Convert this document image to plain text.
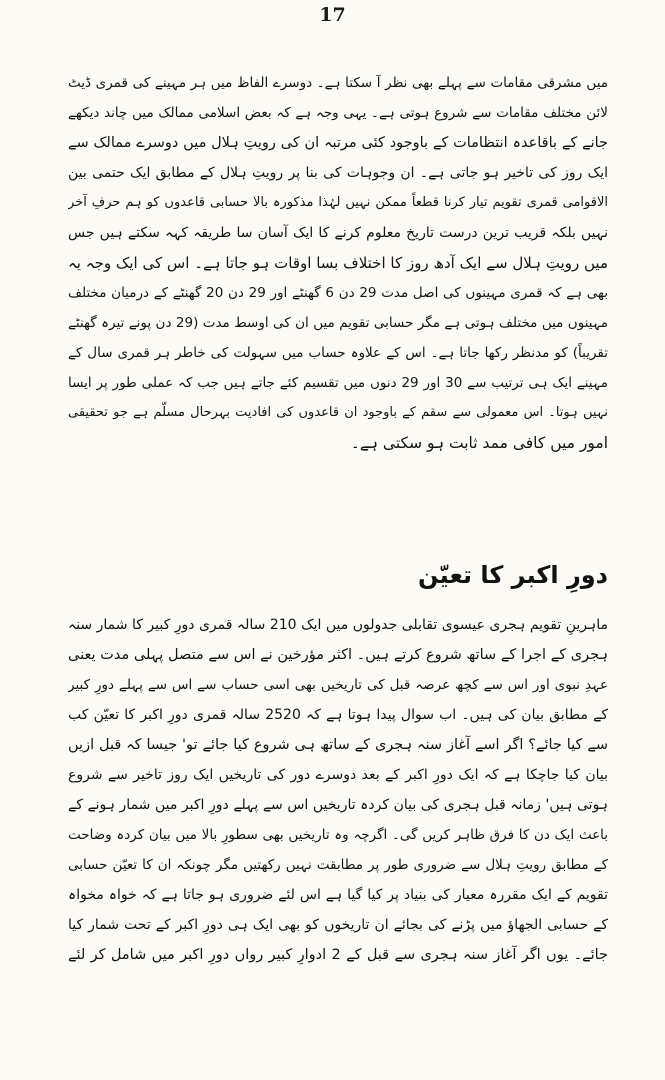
17
میں مشرقی مقامات سے پہلے بھی نظر آ سکتا ہے۔ دوسرے الفاظ میں ہر مہینے کی قمری ڈیٹ
لائن مختلف مقامات سے شروع ہوتی ہے۔ یہی وجہ ہے کہ بعض اسلامی ممالک میں چاند دیکھے
جانے کے باقاعدہ انتظامات کے باوجود کئی مرتبہ ان کی رویتِ ہلال میں دوسرے ممالک سے
ایک روز کی تاخیر ہو جاتی ہے۔ ان وجوہات کی بنا پر رویتِ ہلال کے مطابق ایک حتمی بین
الاقوامی قمری تقویم تیار کرنا قطعاً ممکن نہیں لہٰذا مذکورہ بالا حسابی قاعدوں کو ہم حرفِ آخر
نہیں بلکہ قریب ترین درست تاریخ معلوم کرنے کا ایک آسان سا طریقہ کہہ سکتے ہیں جس
میں رویتِ ہلال سے ایک آدھ روز کا اختلاف بسا اوقات ہو جاتا ہے۔ اس کی ایک وجہ یہ
بھی ہے کہ قمری مہینوں کی اصل مدت 29 دن 6 گھنٹے اور 29 دن 20 گھنٹے کے درمیان مختلف
مہینوں میں مختلف ہوتی ہے مگر حسابی تقویم میں ان کی اوسط مدت (29 دن پونے تیرہ گھنٹے
تقریباً) کو مدنظر رکھا جاتا ہے۔ اس کے علاوہ حساب میں سہولت کی خاطر ہر قمری سال کے
مہینے ایک ہی ترتیب سے 30 اور 29 دنوں میں تقسیم کئے جاتے ہیں جب کہ عملی طور پر ایسا
نہیں ہوتا۔ اس معمولی سے سقم کے باوجود ان قاعدوں کی افادیت بہرحال مسلّم ہے جو تحقیقی
امور میں کافی ممد ثابت ہو سکتی ہے۔
دورِ اکبر کا تعیّن
ماہرینِ تقویم ہجری عیسوی تقابلی جدولوں میں ایک 210 سالہ قمری دورِ کبیر کا شمار سنہ
ہجری کے اجرا کے ساتھ شروع کرتے ہیں۔ اکثر مؤرخین نے اس سے متصل پہلی مدت یعنی
عہدِ نبوی اور اس سے کچھ عرصہ قبل کی تاریخیں بھی اسی حساب سے اس سے پہلے دورِ کبیر
کے مطابق بیان کی ہیں۔ اب سوال پیدا ہوتا ہے کہ 2520 سالہ قمری دورِ اکبر کا تعیّن کب
سے کیا جائے؟ اگر اسے آغاز سنہ ہجری کے ساتھ ہی شروع کیا جائے تو' جیسا کہ قبل ازیں
بیان کیا جاچکا ہے کہ ایک دورِ اکبر کے بعد دوسرے دور کی تاریخیں ایک روز تاخیر سے شروع
ہوتی ہیں' زمانہ قبل ہجری کی بیان کردہ تاریخیں اس سے پہلے دورِ اکبر میں شمار ہونے کے
باعث ایک دن کا فرق ظاہر کریں گی۔ اگرچہ وہ تاریخیں بھی سطورِ بالا میں بیان کردہ وضاحت
کے مطابق رویتِ ہلال سے ضروری طور پر مطابقت نہیں رکھتیں مگر چونکہ ان کا تعیّن حسابی
تقویم کے ایک مقررہ معیار کی بنیاد پر کیا گیا ہے اس لئے ضروری ہو جاتا ہے کہ خواہ مخواہ
کے حسابی الجھاؤ میں پڑنے کی بجائے ان تاریخوں کو بھی ایک ہی دورِ اکبر کے تحت شمار کیا
جائے۔ یوں اگر آغاز سنہ ہجری سے قبل کے 2 ادوارِ کبیر رواں دورِ اکبر میں شامل کر لئے
